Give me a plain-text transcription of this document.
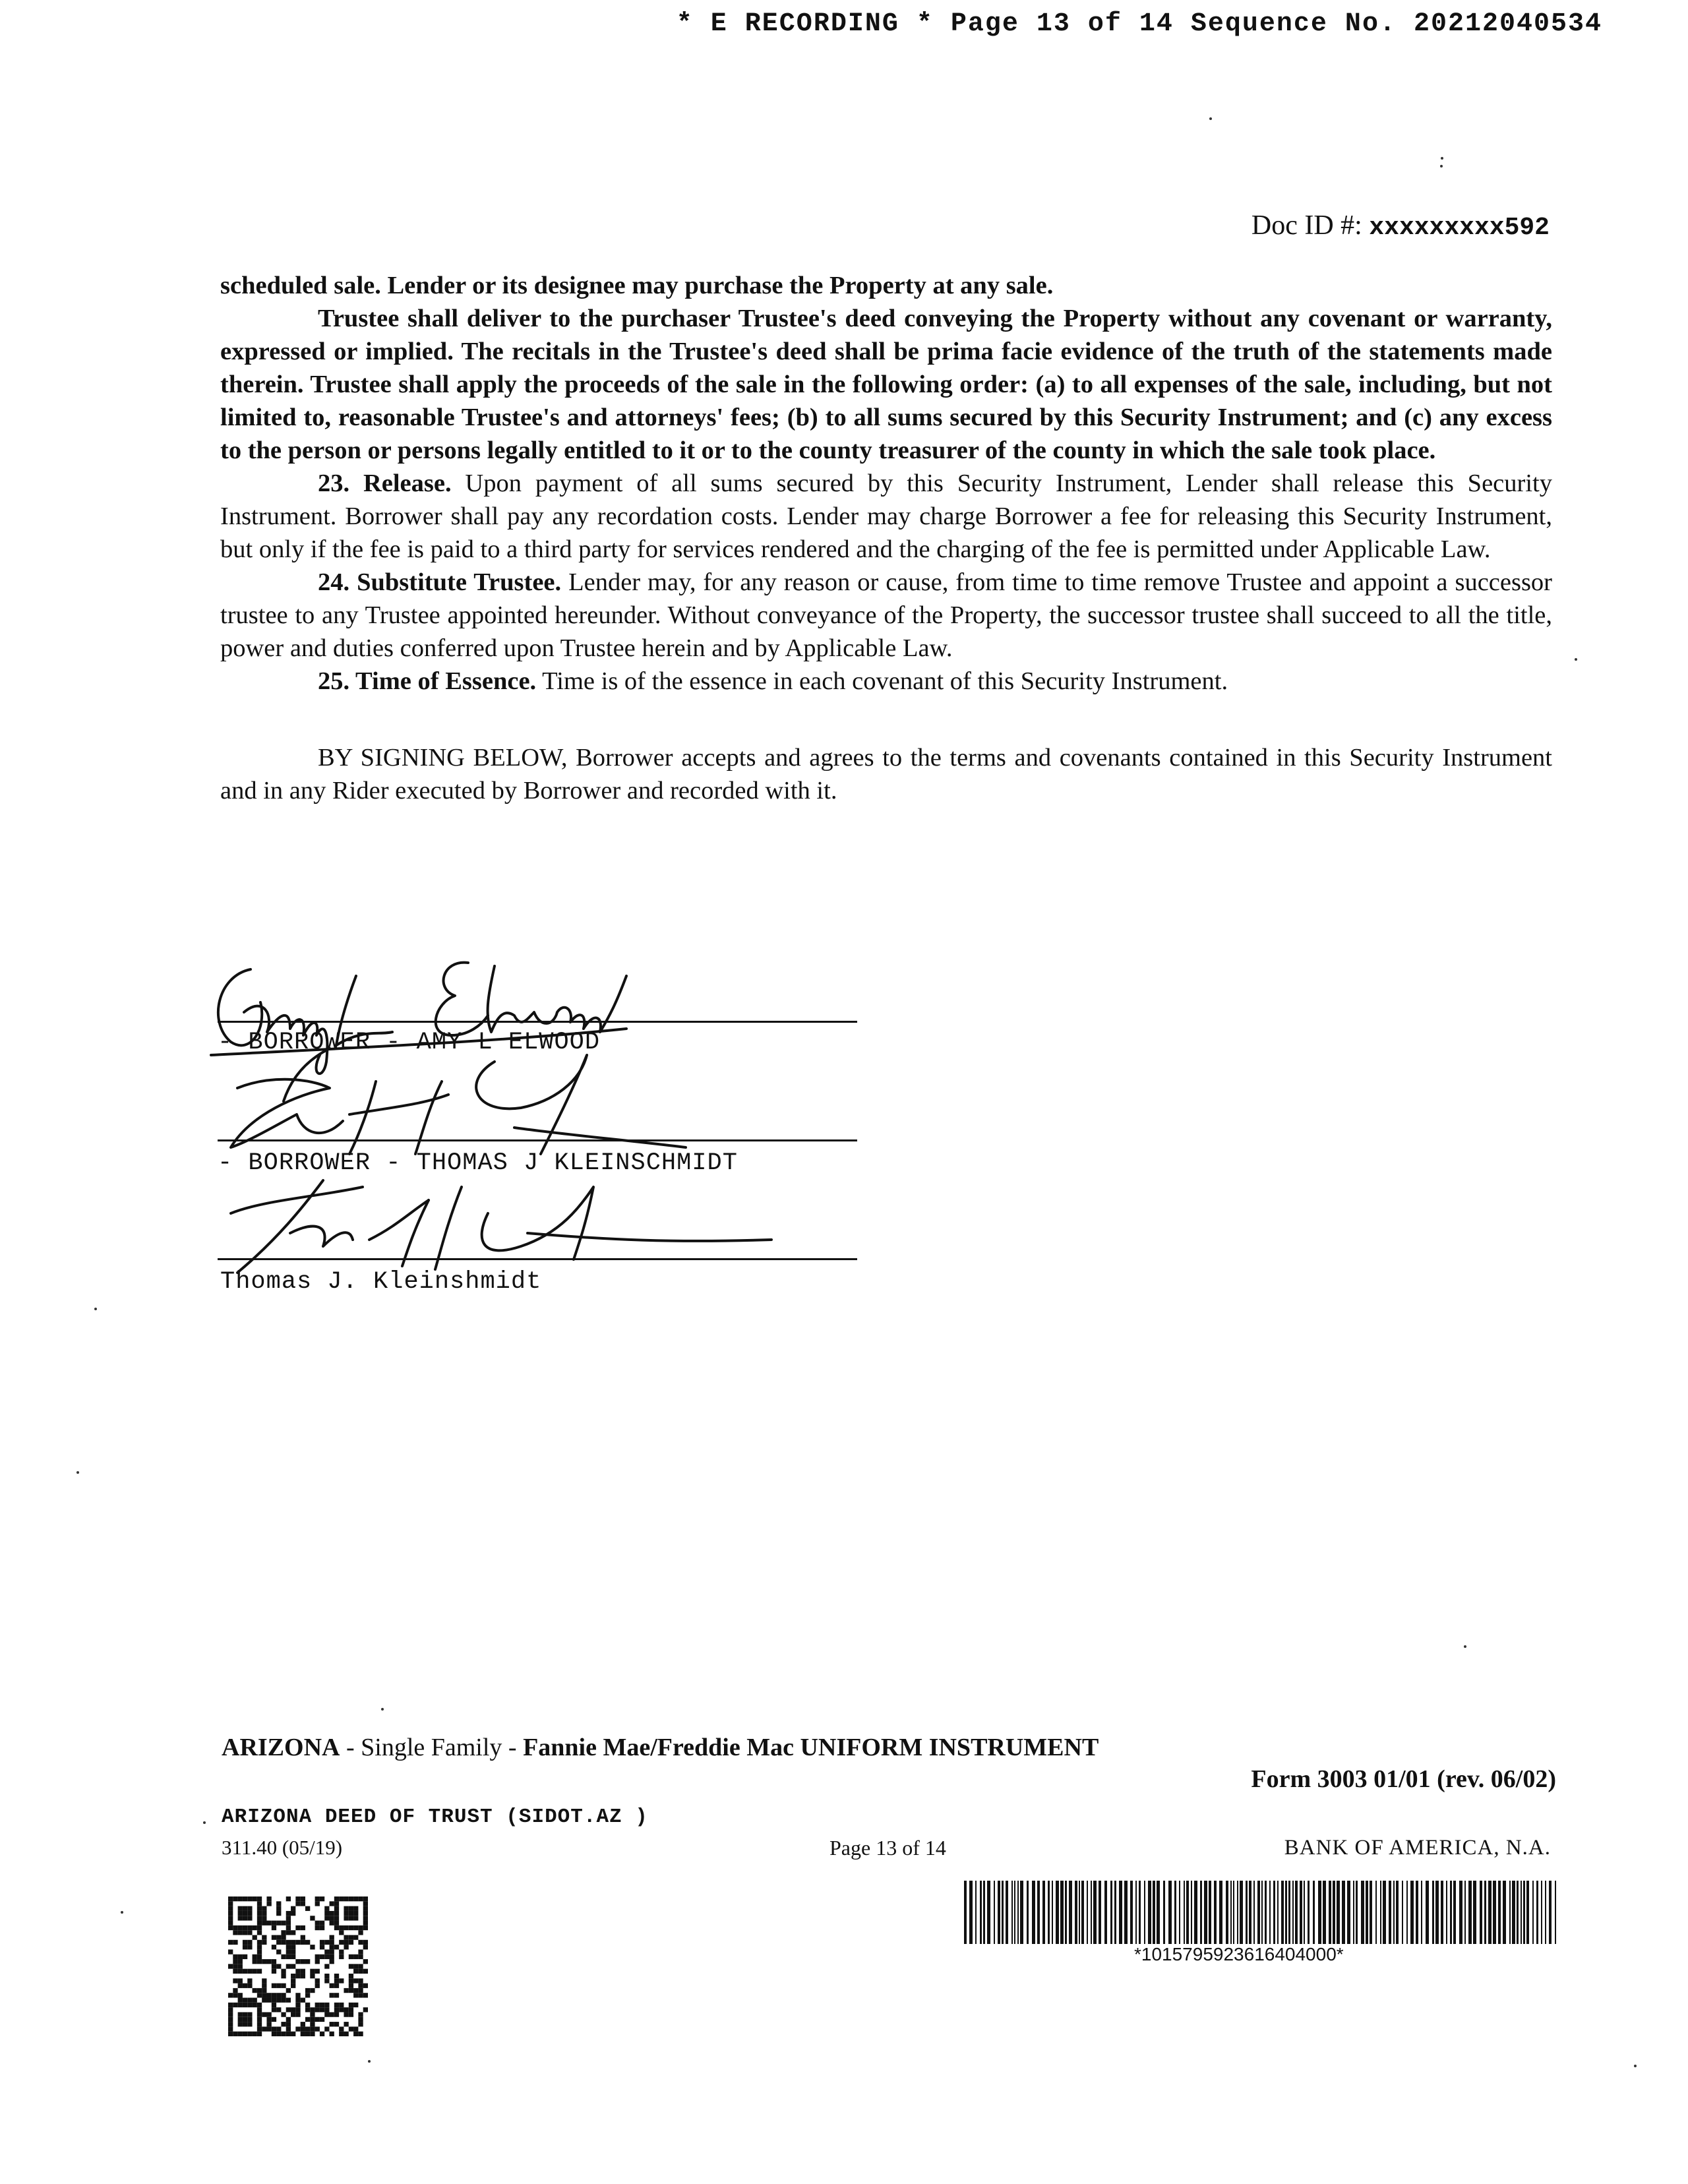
* E RECORDING * Page 13 of 14 Sequence No. 20212040534
Doc ID #: xxxxxxxxx592

scheduled sale. Lender or its designee may purchase the Property at any sale.

Trustee shall deliver to the purchaser Trustee's deed conveying the Property without any covenant or warranty, expressed or implied. The recitals in the Trustee's deed shall be prima facie evidence of the truth of the statements made therein. Trustee shall apply the proceeds of the sale in the following order: (a) to all expenses of the sale, including, but not limited to, reasonable Trustee's and attorneys' fees; (b) to all sums secured by this Security Instrument; and (c) any excess to the person or persons legally entitled to it or to the county treasurer of the county in which the sale took place.

23. Release. Upon payment of all sums secured by this Security Instrument, Lender shall release this Security Instrument. Borrower shall pay any recordation costs. Lender may charge Borrower a fee for releasing this Security Instrument, but only if the fee is paid to a third party for services rendered and the charging of the fee is permitted under Applicable Law.

24. Substitute Trustee. Lender may, for any reason or cause, from time to time remove Trustee and appoint a successor trustee to any Trustee appointed hereunder. Without conveyance of the Property, the successor trustee shall succeed to all the title, power and duties conferred upon Trustee herein and by Applicable Law.

25. Time of Essence. Time is of the essence in each covenant of this Security Instrument.

BY SIGNING BELOW, Borrower accepts and agrees to the terms and covenants contained in this Security Instrument and in any Rider executed by Borrower and recorded with it.

- BORROWER - AMY L ELWOOD
- BORROWER - THOMAS J KLEINSCHMIDT
Thomas J. Kleinshmidt
ARIZONA - Single Family - Fannie Mae/Freddie Mac UNIFORM INSTRUMENT
Form 3003 01/01 (rev. 06/02)
ARIZONA DEED OF TRUST (SIDOT.AZ )
311.40 (05/19)	Page 13 of 14	BANK OF AMERICA, N.A.
*101579592361640400​0*
